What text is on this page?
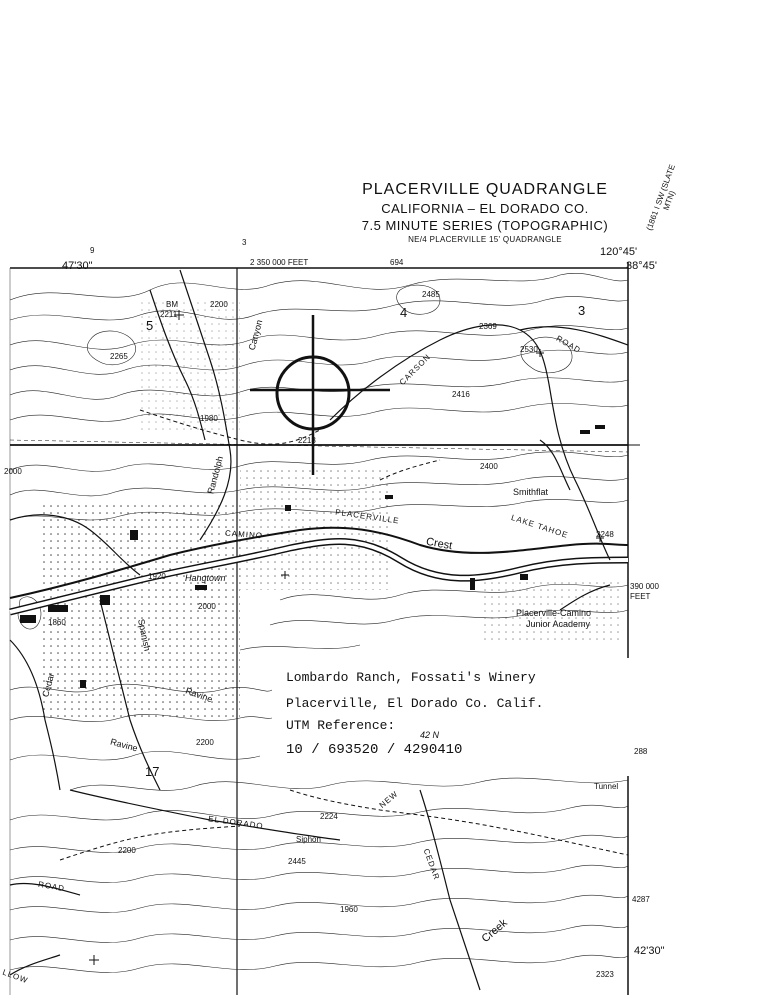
PLACERVILLE QUADRANGLE
CALIFORNIA – EL DORADO CO.
7.5 MINUTE SERIES (TOPOGRAPHIC)
NE/4 PLACERVILLE 15' QUADRANGLE
(1861 I SW (SLATE MTN)
9
3
47'30"	2 350 000 FEET	694
120°45'
38°45'
390 000
FEET
288
4287
42'30"
Smithflat
Placerville-Camino
Junior Academy
Hangtown
Siphon
Tunnel
BM
5
4	3
17
PLACERVILLE
Crest
LAKE TAHOE
CAMINO
CARSON
ROAD
ROAD
Randolph
Canyon
Spanish
Ravine
Ravine
Cedar
EL DORADO
NEW
CEDAR
Creek
LLOW
2211
2265
1980
2485
2369
2530
2416
2218
2200
2000
2248
2400
1920
1860
2224
2445
1960
2323
2200
2200
2000
Lombardo Ranch, Fossati's Winery
Placerville, El Dorado Co. Calif.
UTM Reference:
10 / 693520 / 4290410
42 N
